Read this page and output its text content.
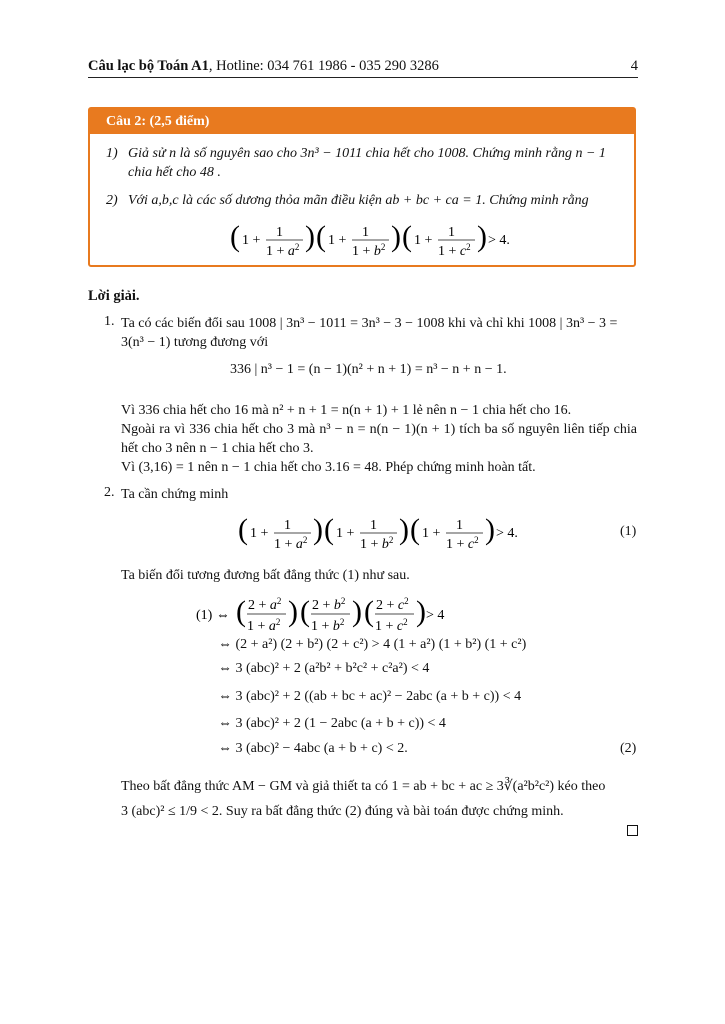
Câu lạc bộ Toán A1, Hotline: 034 761 1986 - 035 290 3286	4
Câu 2: (2,5 điểm)
1) Giả sử n là số nguyên sao cho 3n³ − 1011 chia hết cho 1008. Chứng minh rằng n − 1
chia hết cho 48 .
2) Với a,b,c là các số dương thỏa mãn điều kiện ab + bc + ca = 1. Chứng minh rằng
( 1 +
1
$1 + a^2$ ) ( 1 +
1
$1 + b^2$ ) ( 1 +
1
$1 + c^2$ ) > 4.
Lời giải.
1. Ta có các biến đổi sau 1008 | 3n³ − 1011 = 3n³ − 3 − 1008 khi và chỉ khi 1008 | 3n³ − 3 =
3(n³ − 1) tương đương với
336 | n³ − 1 = (n − 1)(n² + n + 1) = n³ − n + n − 1.
Vì 336 chia hết cho 16 mà n² + n + 1 = n(n + 1) + 1 lẻ nên n − 1 chia hết cho 16.
Ngoài ra vì 336 chia hết cho 3 mà n³ − n = n(n − 1)(n + 1) tích ba số nguyên liên tiếp chia hết cho 3 nên n − 1 chia hết cho 3.
Vì (3,16) = 1 nên n − 1 chia hết cho 3.16 = 48. Phép chứng minh hoàn tất.
2. Ta cần chứng minh
( 1 +
1
$1 + a^2$ ) ( 1 +
1
$1 + b^2$ ) ( 1 +
1
$1 + c^2$ ) > 4.	(1)
Ta biến đổi tương đương bất đẳng thức (1) như sau.
(1) ⇔ ( $2 + a^2$
$1 + a^2$ ) ( $2 + b^2$
$1 + b^2$ ) ( $2 + c^2$
$1 + c^2$ ) > 4
⇔ (2 + a²) (2 + b²) (2 + c²) > 4 (1 + a²) (1 + b²) (1 + c²)
⇔ 3 (abc)² + 2 (a²b² + b²c² + c²a²) < 4
⇔ 3 (abc)² + 2 ((ab + bc + ac)² − 2abc (a + b + c)) < 4
⇔ 3 (abc)² + 2 (1 − 2abc (a + b + c)) < 4
⇔ 3 (abc)² − 4abc (a + b + c) < 2.	(2)
Theo bất đẳng thức AM − GM và giả thiết ta có 1 = ab + bc + ac ≥ 3∛(a²b²c²) kéo theo
3 (abc)² ≤ 1/9 < 2. Suy ra bất đẳng thức (2) đúng và bài toán được chứng minh.
